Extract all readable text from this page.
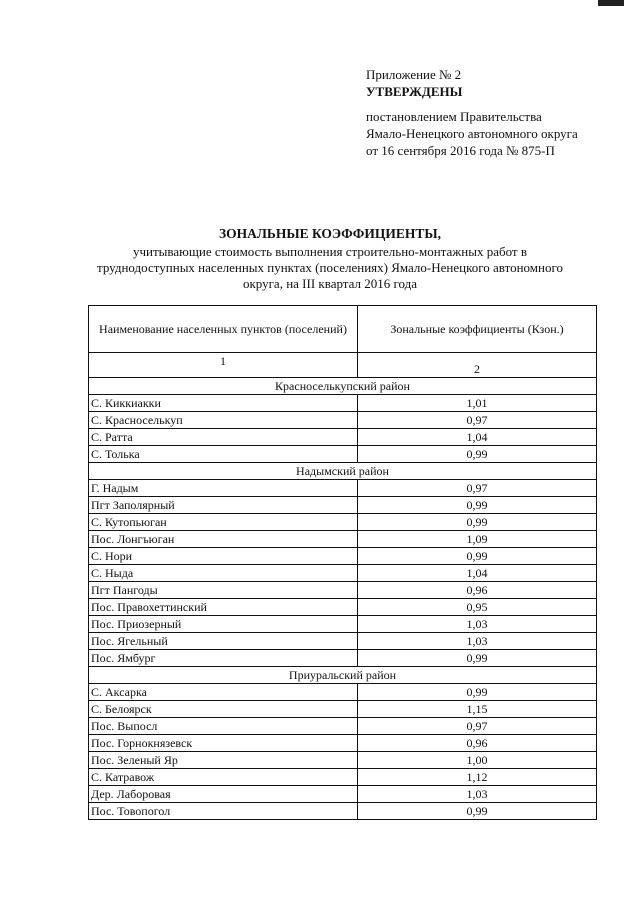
Приложение № 2
УТВЕРЖДЕНЫ
постановлением Правительства
Ямало-Ненецкого автономного округа
от 16 сентября 2016 года № 875-П
ЗОНАЛЬНЫЕ КОЭФФИЦИЕНТЫ,
учитывающие стоимость выполнения строительно-монтажных работ в
труднодоступных населенных пунктах (поселениях) Ямало-Ненецкого автономного
округа, на III квартал 2016 года
Наименование населенных пунктов (поселений)	Зональные коэффициенты (Кзон.)
1	2
Красноселькупский район	
С. Киккиакки	1,01
С. Красноселькуп	0,97
С. Ратта	1,04
С. Толька	0,99
Надымский район	
Г. Надым	0,97
Пгт Заполярный	0,99
С. Кутопьюган	0,99
Пос. Лонгъюган	1,09
С. Нори	0,99
С. Ныда	1,04
Пгт Пангоды	0,96
Пос. Правохеттинский	0,95
Пос. Приозерный	1,03
Пос. Ягельный	1,03
Пос. Ямбург	0,99
Приуральский район	
С. Аксарка	0,99
С. Белоярск	1,15
Пос. Выпосл	0,97
Пос. Горнокнязевск	0,96
Пос. Зеленый Яр	1,00
С. Катравож	1,12
Дер. Лаборовая	1,03
Пос. Товопогол	0,99
